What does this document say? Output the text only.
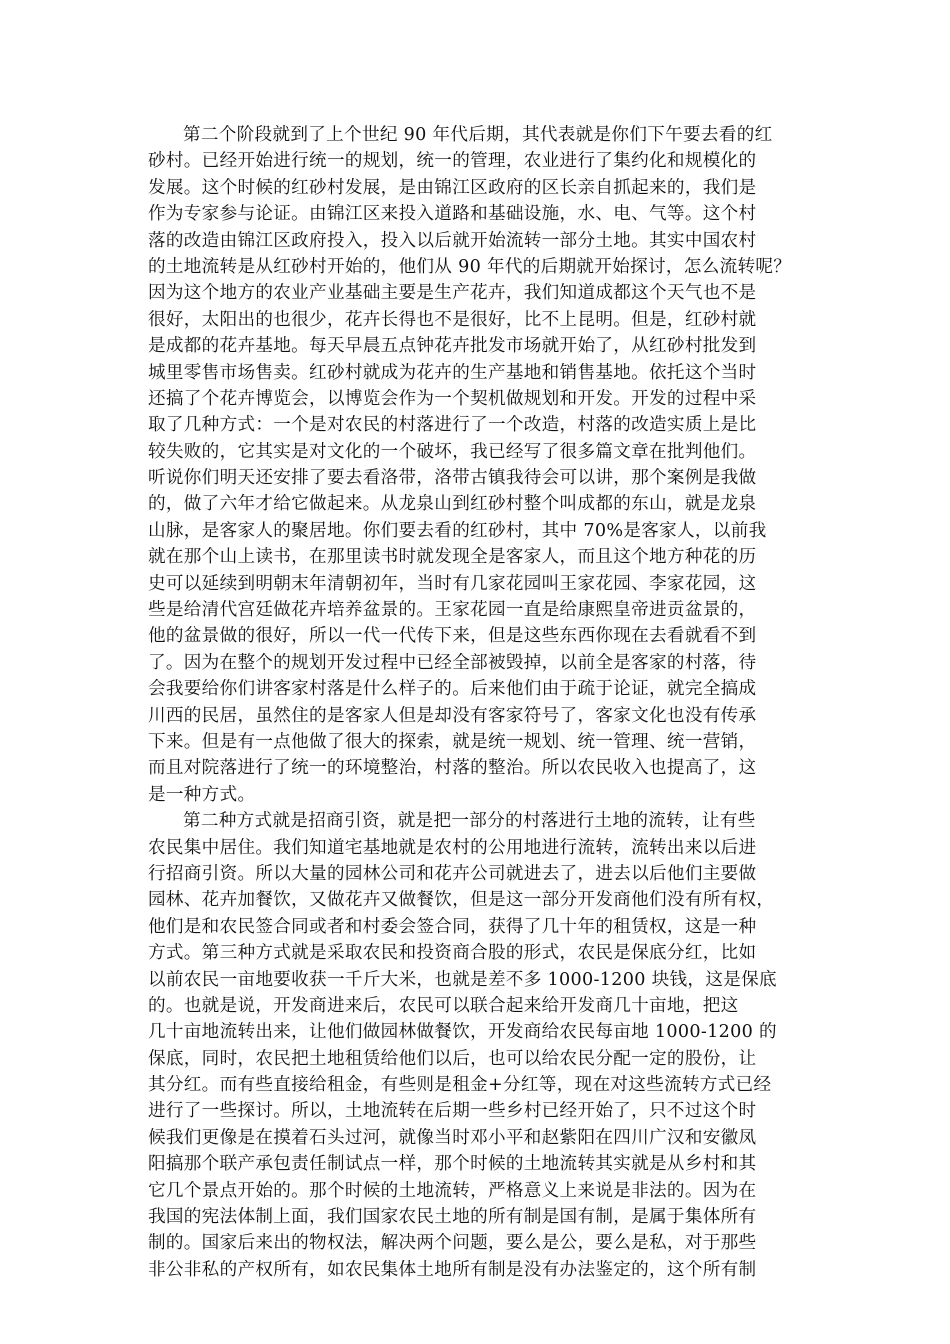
第二个阶段就到了上个世纪 90 年代后期，其代表就是你们下午要去看的红
砂村。已经开始进行统一的规划，统一的管理，农业进行了集约化和规模化的
发展。这个时候的红砂村发展，是由锦江区政府的区长亲自抓起来的，我们是
作为专家参与论证。由锦江区来投入道路和基础设施，水、电、气等。这个村
落的改造由锦江区政府投入，投入以后就开始流转一部分土地。其实中国农村
的土地流转是从红砂村开始的，他们从 90 年代的后期就开始探讨，怎么流转呢？
因为这个地方的农业产业基础主要是生产花卉，我们知道成都这个天气也不是
很好，太阳出的也很少，花卉长得也不是很好，比不上昆明。但是，红砂村就
是成都的花卉基地。每天早晨五点钟花卉批发市场就开始了，从红砂村批发到
城里零售市场售卖。红砂村就成为花卉的生产基地和销售基地。依托这个当时
还搞了个花卉博览会，以博览会作为一个契机做规划和开发。开发的过程中采
取了几种方式：一个是对农民的村落进行了一个改造，村落的改造实质上是比
较失败的，它其实是对文化的一个破坏，我已经写了很多篇文章在批判他们。
听说你们明天还安排了要去看洛带，洛带古镇我待会可以讲，那个案例是我做
的，做了六年才给它做起来。从龙泉山到红砂村整个叫成都的东山，就是龙泉
山脉，是客家人的聚居地。你们要去看的红砂村，其中 70%是客家人，以前我
就在那个山上读书，在那里读书时就发现全是客家人，而且这个地方种花的历
史可以延续到明朝末年清朝初年，当时有几家花园叫王家花园、李家花园，这
些是给清代宫廷做花卉培养盆景的。王家花园一直是给康熙皇帝进贡盆景的，
他的盆景做的很好，所以一代一代传下来，但是这些东西你现在去看就看不到
了。因为在整个的规划开发过程中已经全部被毁掉，以前全是客家的村落，待
会我要给你们讲客家村落是什么样子的。后来他们由于疏于论证，就完全搞成
川西的民居，虽然住的是客家人但是却没有客家符号了，客家文化也没有传承
下来。但是有一点他做了很大的探索，就是统一规划、统一管理、统一营销，
而且对院落进行了统一的环境整治，村落的整治。所以农民收入也提高了，这
是一种方式。
第二种方式就是招商引资，就是把一部分的村落进行土地的流转，让有些
农民集中居住。我们知道宅基地就是农村的公用地进行流转，流转出来以后进
行招商引资。所以大量的园林公司和花卉公司就进去了，进去以后他们主要做
园林、花卉加餐饮，又做花卉又做餐饮，但是这一部分开发商他们没有所有权，
他们是和农民签合同或者和村委会签合同，获得了几十年的租赁权，这是一种
方式。第三种方式就是采取农民和投资商合股的形式，农民是保底分红，比如
以前农民一亩地要收获一千斤大米，也就是差不多 1000-1200 块钱，这是保底
的。也就是说，开发商进来后，农民可以联合起来给开发商几十亩地，把这
几十亩地流转出来，让他们做园林做餐饮，开发商给农民每亩地 1000-1200 的
保底，同时，农民把土地租赁给他们以后，也可以给农民分配一定的股份，让
其分红。而有些直接给租金，有些则是租金+分红等，现在对这些流转方式已经
进行了一些探讨。所以，土地流转在后期一些乡村已经开始了，只不过这个时
候我们更像是在摸着石头过河，就像当时邓小平和赵紫阳在四川广汉和安徽凤
阳搞那个联产承包责任制试点一样，那个时候的土地流转其实就是从乡村和其
它几个景点开始的。那个时候的土地流转，严格意义上来说是非法的。因为在
我国的宪法体制上面，我们国家农民土地的所有制是国有制，是属于集体所有
制的。国家后来出的物权法，解决两个问题，要么是公，要么是私，对于那些
非公非私的产权所有，如农民集体土地所有制是没有办法鉴定的，这个所有制
